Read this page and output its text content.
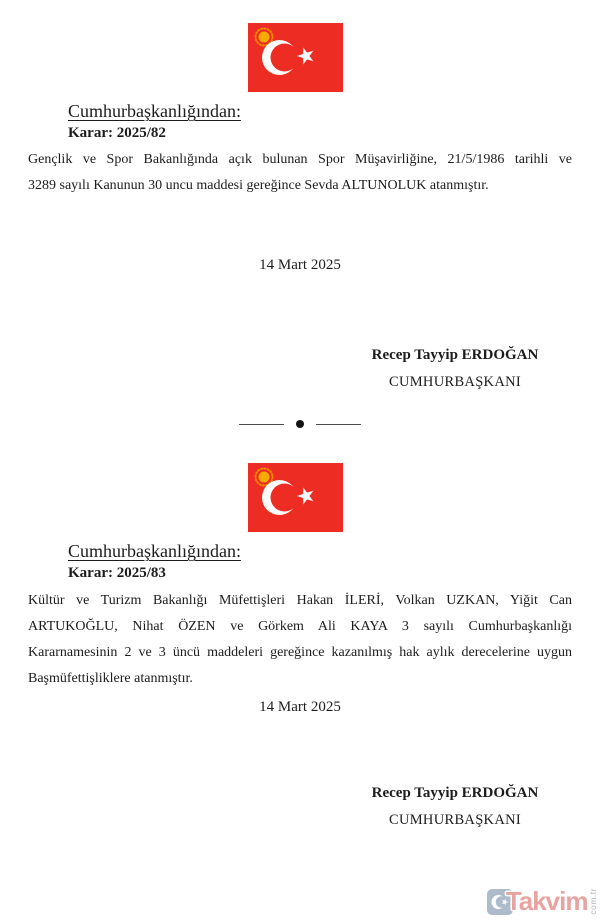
Cumhurbaşkanlığından:
Karar: 2025/82
Gençlik ve Spor Bakanlığında açık bulunan Spor Müşavirliğine, 21/5/1986 tarihli ve
3289 sayılı Kanunun 30 uncu maddesi gereğince Sevda ALTUNOLUK atanmıştır.
14 Mart 2025
Recep Tayyip ERDOĞAN
CUMHURBAŞKANI
Cumhurbaşkanlığından:
Karar: 2025/83
Kültür ve Turizm Bakanlığı Müfettişleri Hakan İLERİ, Volkan UZKAN, Yiğit Can
ARTUKOĞLU, Nihat ÖZEN ve Görkem Ali KAYA 3 sayılı Cumhurbaşkanlığı
Kararnamesinin 2 ve 3 üncü maddeleri gereğince kazanılmış hak aylık derecelerine uygun
Başmüfettişliklere atanmıştır.
14 Mart 2025
Recep Tayyip ERDOĞAN
CUMHURBAŞKANI
Takvim com.tr
